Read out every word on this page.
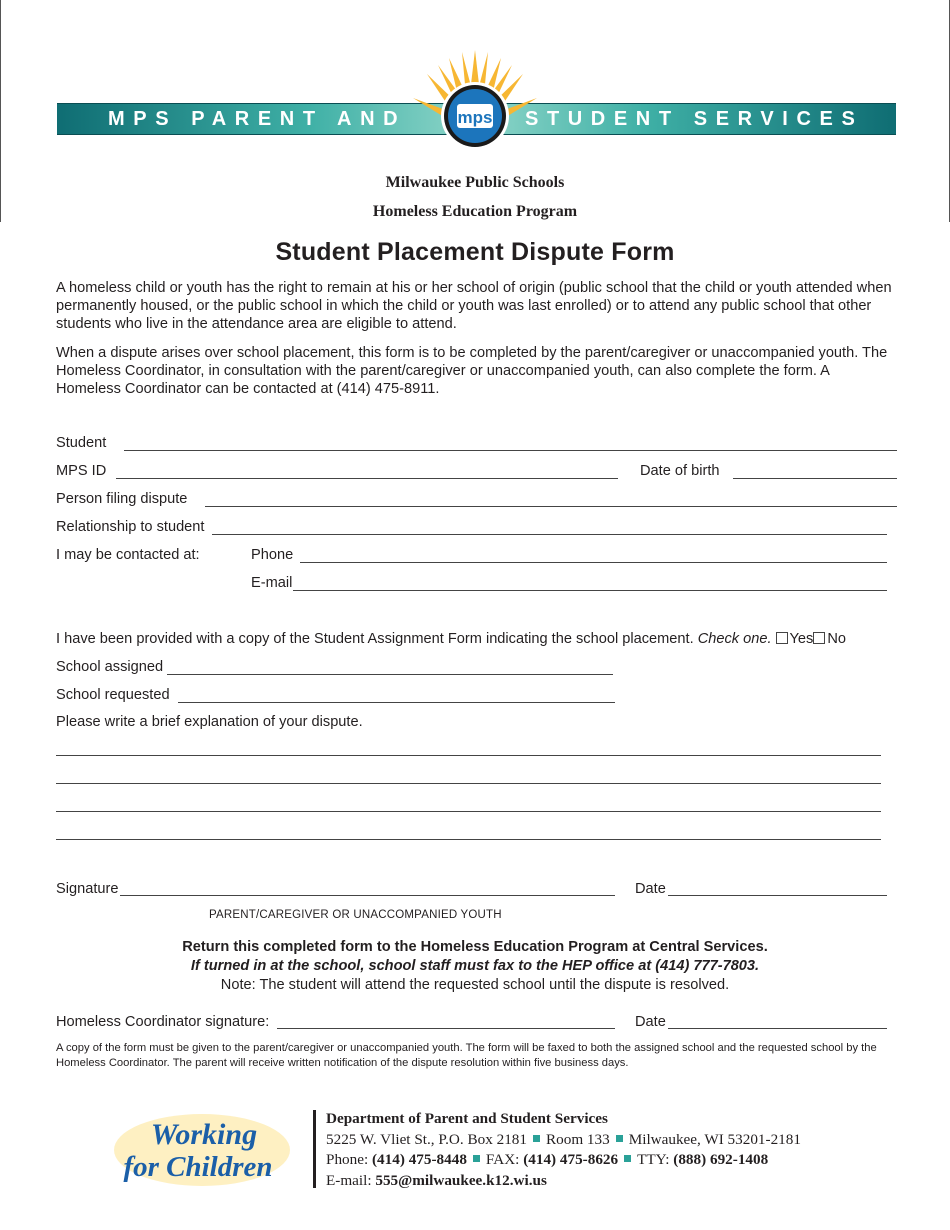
mps
MPS PARENT AND	STUDENT SERVICES
Milwaukee Public Schools
Homeless Education Program
Student Placement Dispute Form

A homeless child or youth has the right to remain at his or her school of origin (public school that the child or youth attended when permanently housed, or the public school in which the child or youth was last enrolled) or to attend any public school that other students who live in the attendance area are eligible to attend.

When a dispute arises over school placement, this form is to be completed by the parent/caregiver or unaccompanied youth. The Homeless Coordinator, in consultation with the parent/caregiver or unaccompanied youth, can also complete the form. A Homeless Coordinator can be contacted at (414) 475-8911.

Student
MPS ID	Date of birth
Person filing dispute
Relationship to student
I may be contacted at:	Phone
E-mail
I have been provided with a copy of the Student Assignment Form indicating the school placement. Check one. Yes No
School assigned
School requested
Please write a brief explanation of your dispute.
Signature	Date
PARENT/CAREGIVER OR UNACCOMPANIED YOUTH
Return this completed form to the Homeless Education Program at Central Services.
If turned in at the school, school staff must fax to the HEP office at (414) 777-7803.
Note: The student will attend the requested school until the dispute is resolved.
Homeless Coordinator signature:	Date
A copy of the form must be given to the parent/caregiver or unaccompanied youth. The form will be faxed to both the assigned school and the requested school by the Homeless Coordinator. The parent will receive written notification of the dispute resolution within five business days.
Working
for Children
Department of Parent and Student Services
5225 W. Vliet St., P.O. Box 2181 Room 133 Milwaukee, WI 53201-2181
Phone: (414) 475-8448 FAX: (414) 475-8626 TTY: (888) 692-1408
E-mail: 555@milwaukee.k12.wi.us
